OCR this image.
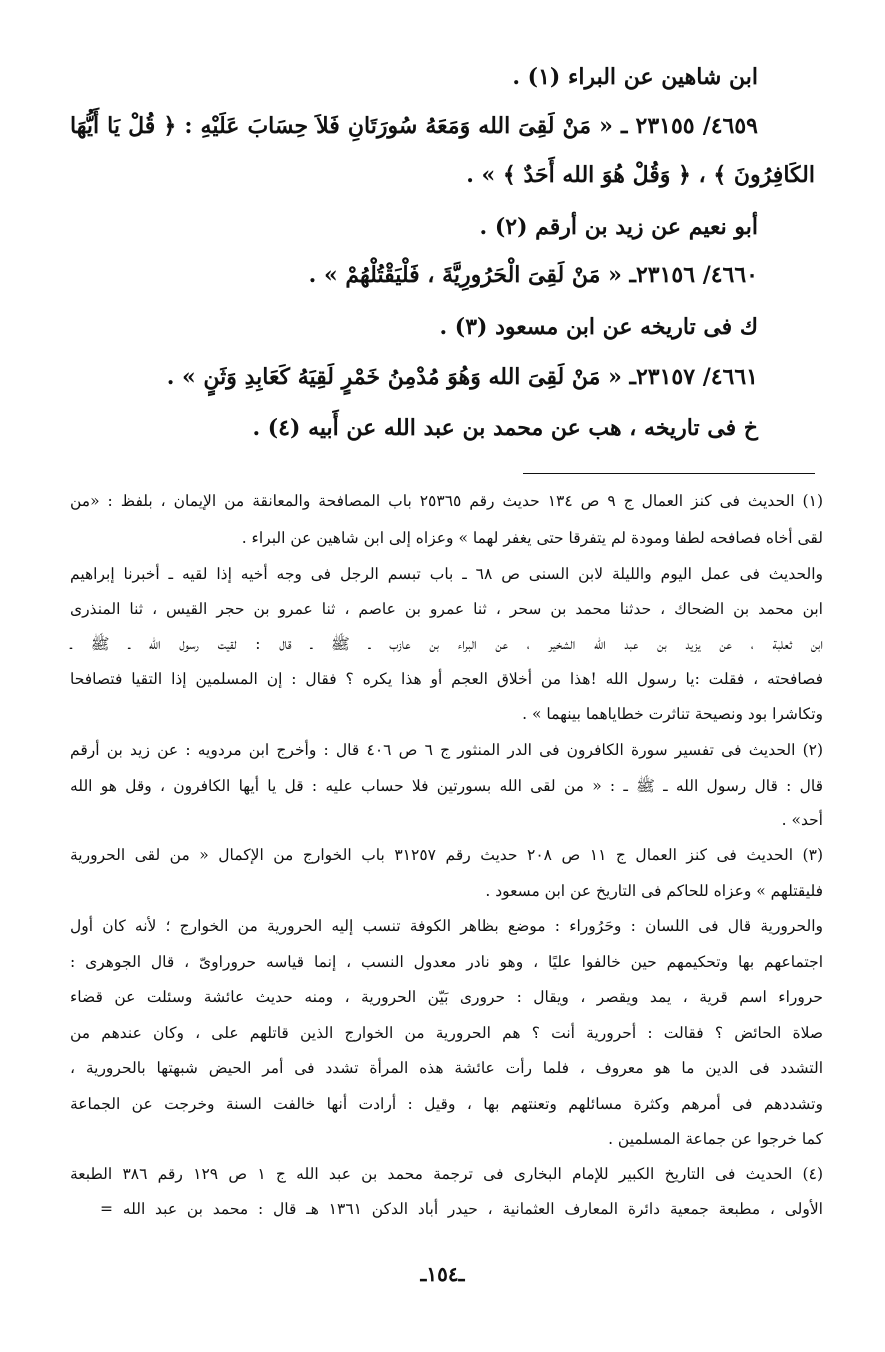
ابن شاهين عن البراء (١) .
٤٦٥٩/ ٢٣١٥٥ ـ « مَنْ لَقِىَ الله وَمَعَهُ سُورَتَانِ فَلاَ حِسَابَ عَلَيْهِ : ﴿ قُلْ يَا أَيُّهَا
الكَافِرُونَ ﴾ ، ﴿ وَقُلْ هُوَ الله أَحَدٌ ﴾ » .
أبو نعيم عن زيد بن أرقم (٢) .
٤٦٦٠/ ٢٣١٥٦ـ « مَنْ لَقِىَ الْحَرُورِيَّةَ ، فَلْيَقْتُلْهُمْ » .
ك فى تاريخه عن ابن مسعود (٣) .
٤٦٦١/ ٢٣١٥٧ـ « مَنْ لَقِىَ الله وَهُوَ مُدْمِنُ خَمْرٍ لَقِيَهُ كَعَابِدِ وَثَنٍ » .
خ فى تاريخه ، هب عن محمد بن عبد الله عن أَبيه (٤) .
(١) الحديث فى كنز العمال ج ٩ ص ١٣٤ حديث رقم ٢٥٣٦٥ باب المصافحة والمعانقة من الإيمان ، بلفظ : «من
لقى أخاه فصافحه لطفا ومودة لم يتفرقا حتى يغفر لهما » وعزاه إلى ابن شاهين عن البراء .
والحديث فى عمل اليوم والليلة لابن السنى ص ٦٨ ـ باب تبسم الرجل فى وجه أخيه إذا لقيه ـ أخبرنا إبراهيم
ابن محمد بن الضحاك ، حدثنا محمد بن سحر ، ثنا عمرو بن عاصم ، ثنا عمرو بن حجر القيس ، ثنا المنذرى
ابن ثعلبة ، عن يزيد بن عبد الله الشخير ، عن البراء بن عازب ـ ﷺ ـ قال : لقيت رسول الله ـ ﷺ ـ
فصافحته ، فقلت :يا رسول الله !هذا من أخلاق العجم أو هذا يكره ؟ فقال : إن المسلمين إذا التقيا فتصافحا
وتكاشرا بود ونصيحة تناثرت خطاياهما بينهما » .
(٢) الحديث فى تفسير سورة الكافرون فى الدر المنثور ج ٦ ص ٤٠٦ قال : وأخرج ابن مردويه : عن زيد بن أرقم
قال : قال رسول الله ـ ﷺ ـ : « من لقى الله بسورتين فلا حساب عليه : قل يا أيها الكافرون ، وقل هو الله
أحد» .
(٣) الحديث فى كنز العمال ج ١١ ص ٢٠٨ حديث رقم ٣١٢٥٧ باب الخوارج من الإكمال « من لقى الحرورية
فليقتلهم » وعزاه للحاكم فى التاريخ عن ابن مسعود .
والحرورية قال فى اللسان : وحَرُوراء : موضع بظاهر الكوفة تنسب إليه الحرورية من الخوارج ؛ لأنه كان أول
اجتماعهم بها وتحكيمهم حين خالفوا عليًا ، وهو نادر معدول النسب ، إنما قياسه حروراوىّ ، قال الجوهرى :
حروراء اسم قرية ، يمد ويقصر ، ويقال : حرورى بَيّن الحرورية ، ومنه حديث عائشة وسئلت عن قضاء
صلاة الحائض ؟ فقالت : أحرورية أنت ؟ هم الحرورية من الخوارج الذين قاتلهم على ، وكان عندهم من
التشدد فى الدين ما هو معروف ، فلما رأت عائشة هذه المرأة تشدد فى أمر الحيض شبهتها بالحرورية ،
وتشددهم فى أمرهم وكثرة مسائلهم وتعنتهم بها ، وقيل : أرادت أنها خالفت السنة وخرجت عن الجماعة
كما خرجوا عن جماعة المسلمين .
(٤) الحديث فى التاريخ الكبير للإمام البخارى فى ترجمة محمد بن عبد الله ج ١ ص ١٢٩ رقم ٣٨٦ الطبعة
الأولى ، مطبعة جمعية دائرة المعارف العثمانية ، حيدر أباد الدكن ١٣٦١ هـ قال : محمد بن عبد الله =
ـ١٥٤ـ
